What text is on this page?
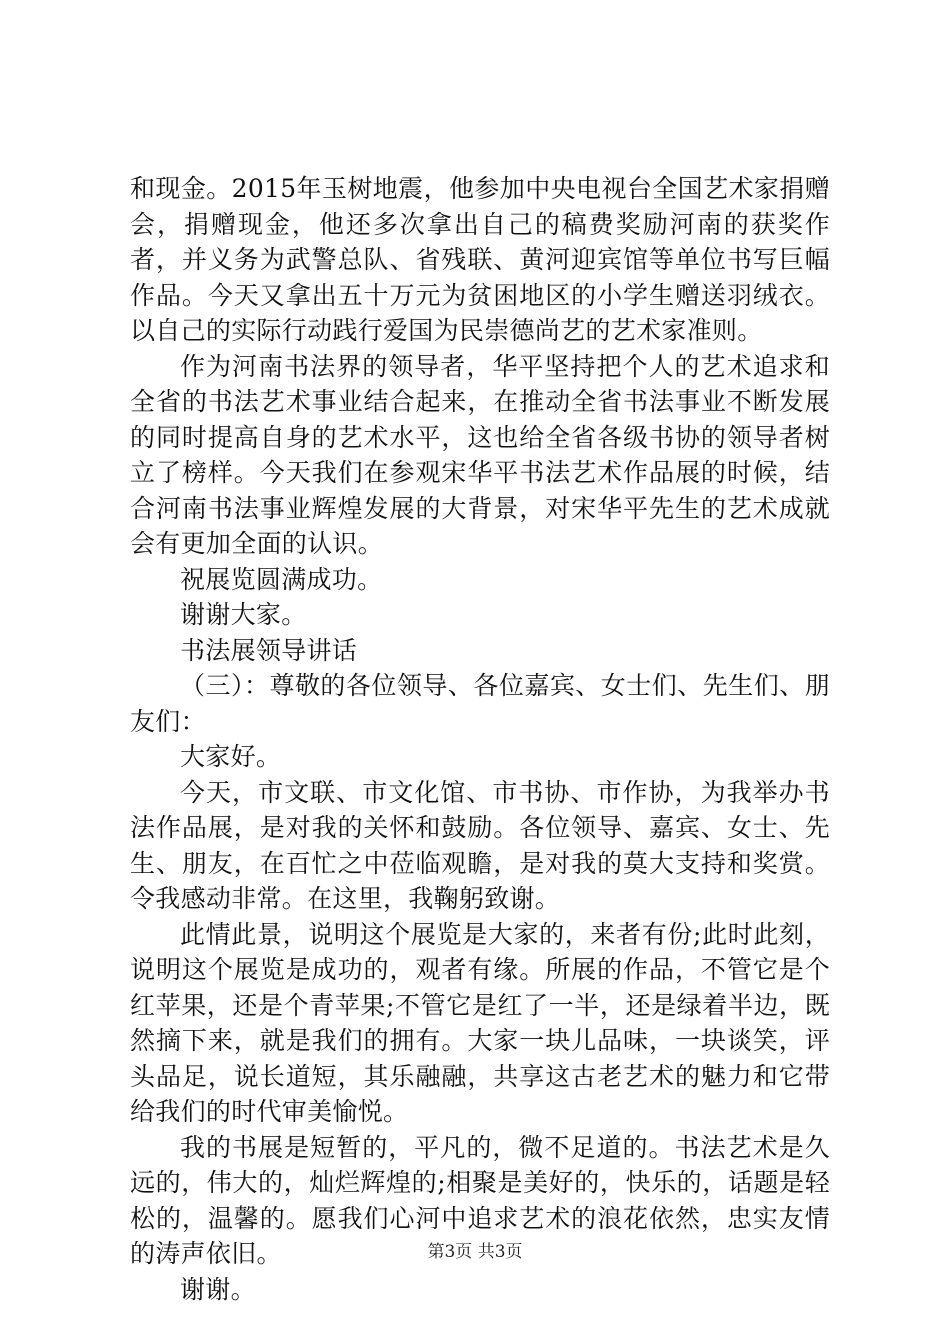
和现金。2015年玉树地震，他参加中央电视台全国艺术家捐赠会，捐赠现金，他还多次拿出自己的稿费奖励河南的获奖作者，并义务为武警总队、省残联、黄河迎宾馆等单位书写巨幅作品。今天又拿出五十万元为贫困地区的小学生赠送羽绒衣。以自己的实际行动践行爱国为民崇德尚艺的艺术家准则。

作为河南书法界的领导者，华平坚持把个人的艺术追求和全省的书法艺术事业结合起来，在推动全省书法事业不断发展的同时提高自身的艺术水平，这也给全省各级书协的领导者树立了榜样。今天我们在参观宋华平书法艺术作品展的时候，结合河南书法事业辉煌发展的大背景，对宋华平先生的艺术成就会有更加全面的认识。

祝展览圆满成功。

谢谢大家。

书法展领导讲话

（三）：尊敬的各位领导、各位嘉宾、女士们、先生们、朋友们：

大家好。

今天，市文联、市文化馆、市书协、市作协，为我举办书法作品展，是对我的关怀和鼓励。各位领导、嘉宾、女士、先生、朋友，在百忙之中莅临观瞻，是对我的莫大支持和奖赏。令我感动非常。在这里，我鞠躬致谢。

此情此景，说明这个展览是大家的，来者有份;此时此刻，说明这个展览是成功的，观者有缘。所展的作品，不管它是个红苹果，还是个青苹果;不管它是红了一半，还是绿着半边，既然摘下来，就是我们的拥有。大家一块儿品味，一块谈笑，评头品足，说长道短，其乐融融，共享这古老艺术的魅力和它带给我们的时代审美愉悦。

我的书展是短暂的，平凡的，微不足道的。书法艺术是久远的，伟大的，灿烂辉煌的;相聚是美好的，快乐的，话题是轻松的，温馨的。愿我们心河中追求艺术的浪花依然，忠实友情的涛声依旧。

谢谢。

第3页 共3页
